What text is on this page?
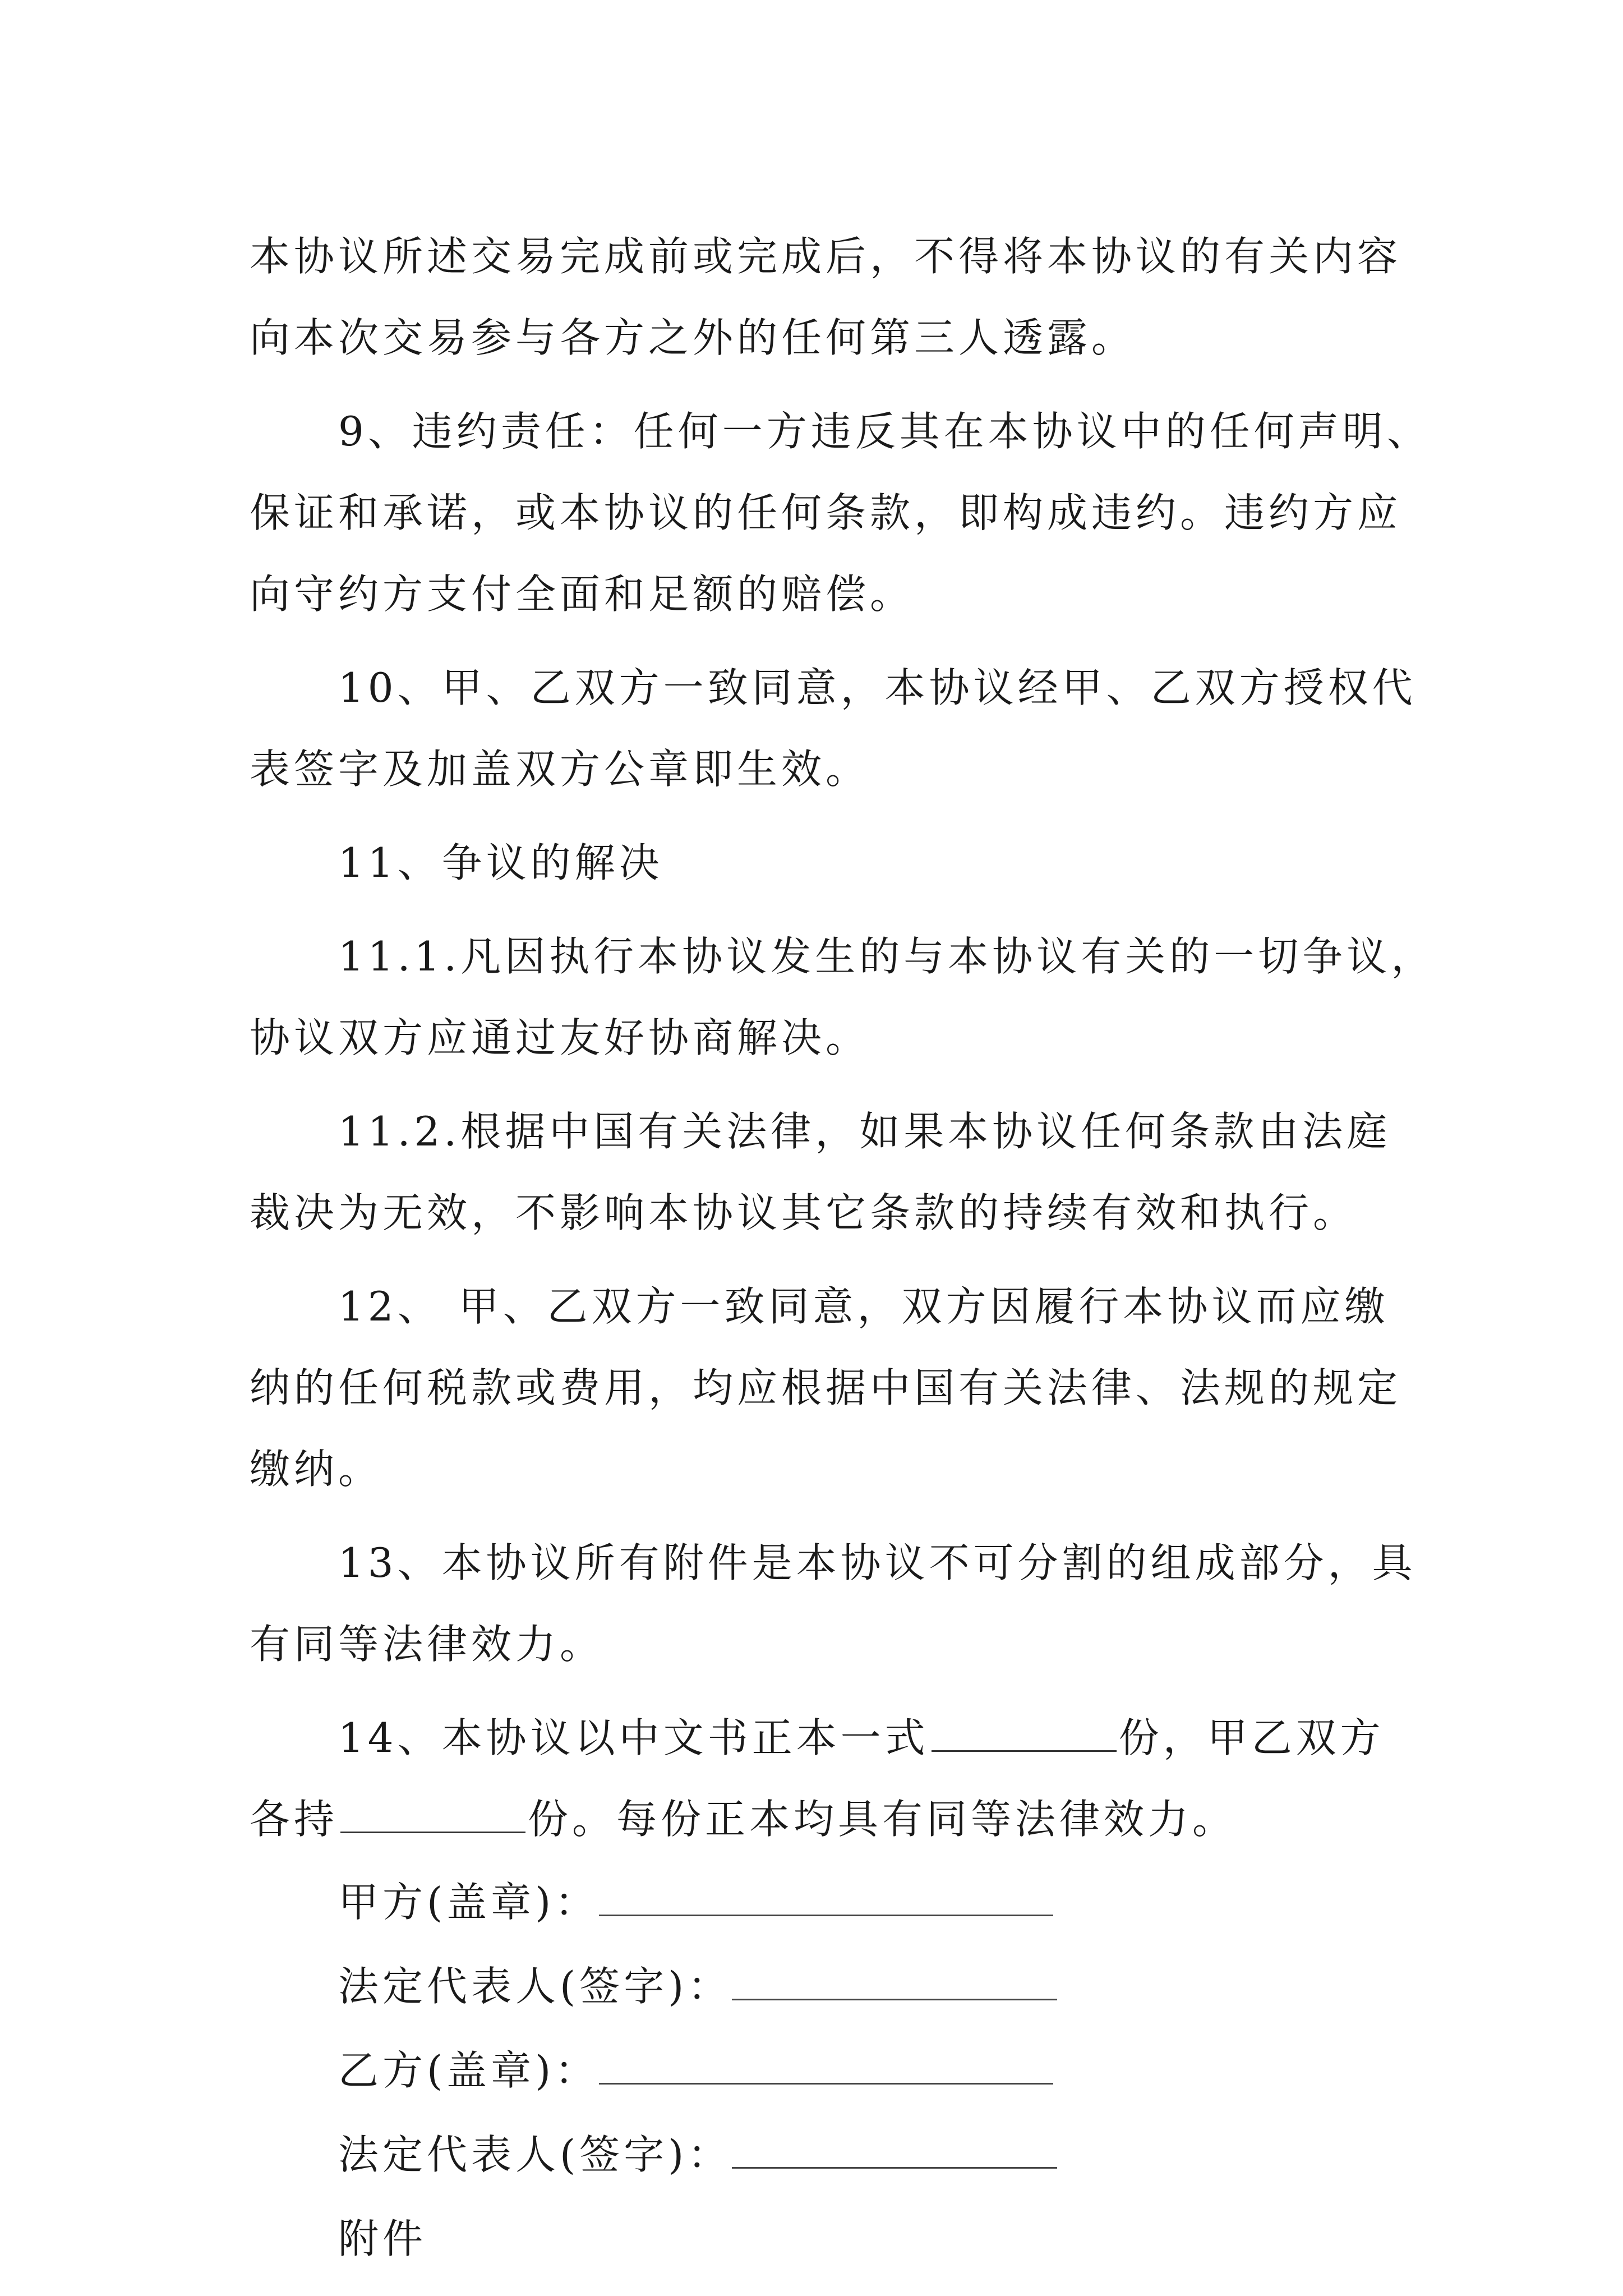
本协议所述交易完成前或完成后，不得将本协议的有关内容
向本次交易参与各方之外的任何第三人透露。
9、违约责任：任何一方违反其在本协议中的任何声明、
保证和承诺，或本协议的任何条款，即构成违约。违约方应
向守约方支付全面和足额的赔偿。
10、甲、乙双方一致同意，本协议经甲、乙双方授权代
表签字及加盖双方公章即生效。
11、争议的解决
11.1.凡因执行本协议发生的与本协议有关的一切争议，
协议双方应通过友好协商解决。
11.2.根据中国有关法律，如果本协议任何条款由法庭
裁决为无效，不影响本协议其它条款的持续有效和执行。
12、 甲、乙双方一致同意，双方因履行本协议而应缴
纳的任何税款或费用，均应根据中国有关法律、法规的规定
缴纳。
13、本协议所有附件是本协议不可分割的组成部分，具
有同等法律效力。
14、本协议以中文书正本一式	份，甲乙双方
各持	份。每份正本均具有同等法律效力。
甲方(盖章)：
法定代表人(签字)：
乙方(盖章)：
法定代表人(签字)：
附件
